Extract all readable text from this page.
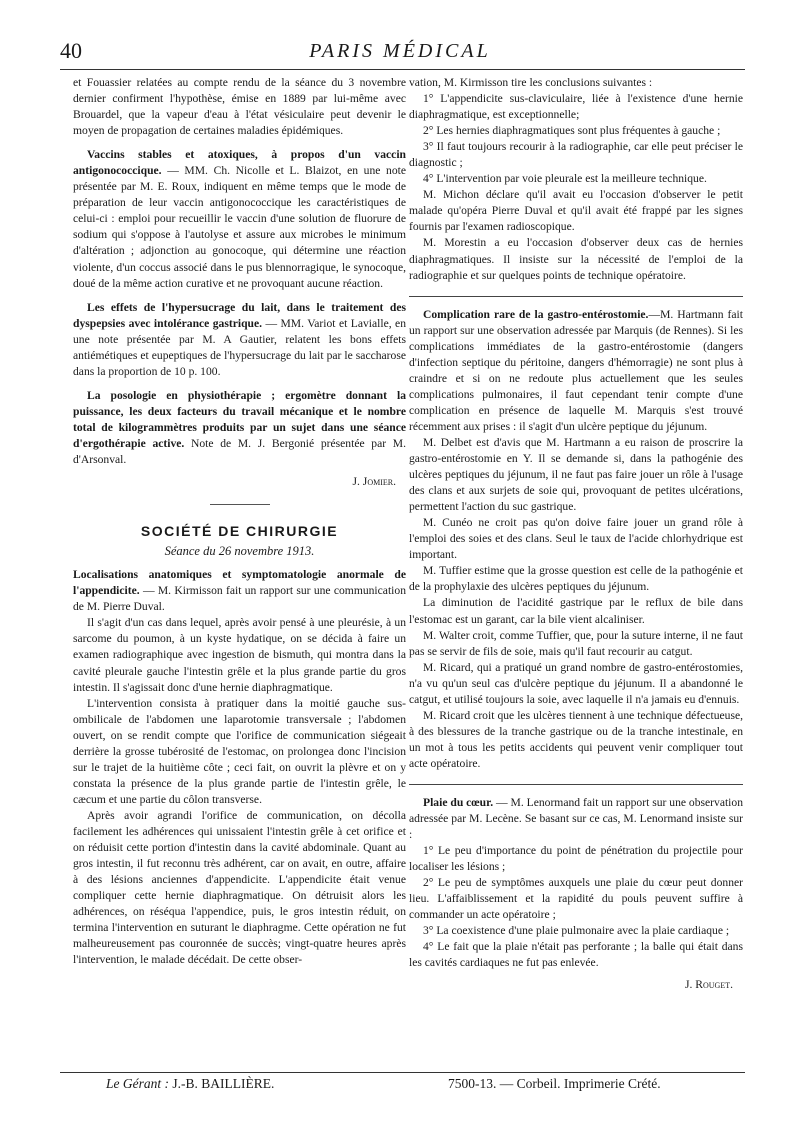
40	PARIS MÉDICAL

et Fouassier relatées au compte rendu de la séance du 3 novembre dernier confirment l'hypothèse, émise en 1889 par lui-même avec Brouardel, que la vapeur d'eau à l'état vésiculaire peut devenir le moyen de propagation de certaines maladies épidémiques.

Vaccins stables et atoxiques, à propos d'un vaccin antigonococcique. — MM. Ch. Nicolle et L. Blaizot, en une note présentée par M. E. Roux, indiquent en même temps que le mode de préparation de leur vaccin antigonococcique les caractéristiques de celui-ci : emploi pour recueillir le vaccin d'une solution de fluorure de sodium qui s'oppose à l'autolyse et assure aux microbes le minimum d'altération ; adjonction au gonocoque, qui détermine une réaction violente, d'un coccus associé dans le pus blennorragique, le synocoque, doué de la même action curative et ne provoquant aucune réaction.

Les effets de l'hypersucrage du lait, dans le traitement des dyspepsies avec intolérance gastrique. — MM. Variot et Lavialle, en une note présentée par M. A Gautier, relatent les bons effets antiémétiques et eupeptiques de l'hypersucrage du lait par le saccharose dans la proportion de 10 p. 100.

La posologie en physiothérapie ; ergomètre donnant la puissance, les deux facteurs du travail mécanique et le nombre total de kilogrammètres produits par un sujet dans une séance d'ergothérapie active. Note de M. J. Bergonié présentée par M. d'Arsonval.

J. Jomier.
SOCIÉTÉ DE CHIRURGIE
Séance du 26 novembre 1913.

Localisations anatomiques et symptomatologie anormale de l'appendicite. — M. Kirmisson fait un rapport sur une communication de M. Pierre Duval.

Il s'agit d'un cas dans lequel, après avoir pensé à une pleurésie, à un sarcome du poumon, à un kyste hydatique, on se décida à faire un examen radiographique avec ingestion de bismuth, qui montra dans la cavité pleurale gauche l'intestin grêle et la plus grande partie du gros intestin. Il s'agissait donc d'une hernie diaphragmatique.

L'intervention consista à pratiquer dans la moitié gauche sus-ombilicale de l'abdomen une laparotomie transversale ; l'abdomen ouvert, on se rendit compte que l'orifice de communication siégeait derrière la grosse tubérosité de l'estomac, on prolongea donc l'incision sur le trajet de la huitième côte ; ceci fait, on ouvrit la plèvre et on y constata la présence de la plus grande partie de l'intestin grêle, le cæcum et une partie du côlon transverse.

Après avoir agrandi l'orifice de communication, on décolla facilement les adhérences qui unissaient l'intestin grêle à cet orifice et on réduisit cette portion d'intestin dans la cavité abdominale. Quant au gros intestin, il fut reconnu très adhérent, car on avait, en outre, affaire à des lésions anciennes d'appendicite. L'appendicite était venue compliquer cette hernie diaphragmatique. On détruisit alors les adhérences, on réséqua l'appendice, puis, le gros intestin réduit, on termina l'intervention en suturant le diaphragme. Cette opération ne fut malheureusement pas couronnée de succès; vingt-quatre heures après l'intervention, le malade décédait. De cette obser-

vation, M. Kirmisson tire les conclusions suivantes :

1° L'appendicite sus-claviculaire, liée à l'existence d'une hernie diaphragmatique, est exceptionnelle;

2° Les hernies diaphragmatiques sont plus fréquentes à gauche ;

3° Il faut toujours recourir à la radiographie, car elle peut préciser le diagnostic ;

4° L'intervention par voie pleurale est la meilleure technique.

M. Michon déclare qu'il avait eu l'occasion d'observer le petit malade qu'opéra Pierre Duval et qu'il avait été frappé par les signes fournis par l'examen radioscopique.

M. Morestin a eu l'occasion d'observer deux cas de hernies diaphragmatiques. Il insiste sur la nécessité de l'emploi de la radiographie et sur quelques points de technique opératoire.

Complication rare de la gastro-entérostomie.—M. Hartmann fait un rapport sur une observation adressée par Marquis (de Rennes). Si les complications immédiates de la gastro-entérostomie (dangers d'infection septique du péritoine, dangers d'hémorragie) ne sont plus à craindre et si on ne redoute plus actuellement que les seules complications pulmonaires, il faut cependant tenir compte d'une complication en présence de laquelle M. Marquis s'est trouvé récemment aux prises : il s'agit d'un ulcère peptique du jéjunum.

M. Delbet est d'avis que M. Hartmann a eu raison de proscrire la gastro-entérostomie en Y. Il se demande si, dans la pathogénie des ulcères peptiques du jéjunum, il ne faut pas faire jouer un rôle à l'usage des clans et aux surjets de soie qui, provoquant de petites ulcérations, permettent l'action du suc gastrique.

M. Cunéo ne croit pas qu'on doive faire jouer un grand rôle à l'emploi des soies et des clans. Seul le taux de l'acide chlorhydrique est important.

M. Tuffier estime que la grosse question est celle de la pathogénie et de la prophylaxie des ulcères peptiques du jéjunum.

La diminution de l'acidité gastrique par le reflux de bile dans l'estomac est un garant, car la bile vient alcaliniser.

M. Walter croit, comme Tuffier, que, pour la suture interne, il ne faut pas se servir de fils de soie, mais qu'il faut recourir au catgut.

M. Ricard, qui a pratiqué un grand nombre de gastro-entérostomies, n'a vu qu'un seul cas d'ulcère peptique du jéjunum. Il a abandonné le catgut, et utilisé toujours la soie, avec laquelle il n'a jamais eu d'ennuis.

M. Ricard croit que les ulcères tiennent à une technique défectueuse, à des blessures de la tranche gastrique ou de la tranche intestinale, en un mot à tous les petits accidents qui peuvent venir compliquer tout acte opératoire.

Plaie du cœur. — M. Lenormand fait un rapport sur une observation adressée par M. Lecène. Se basant sur ce cas, M. Lenormand insiste sur :

1° Le peu d'importance du point de pénétration du projectile pour localiser les lésions ;

2° Le peu de symptômes auxquels une plaie du cœur peut donner lieu. L'affaiblissement et la rapidité du pouls peuvent suffire à commander un acte opératoire ;

3° La coexistence d'une plaie pulmonaire avec la plaie cardiaque ;

4° Le fait que la plaie n'était pas perforante ; la balle qui était dans les cavités cardiaques ne fut pas enlevée.

J. Rouget.
Le Gérant : J.-B. BAILLIÈRE.	7500-13. — Corbeil. Imprimerie Crété.
